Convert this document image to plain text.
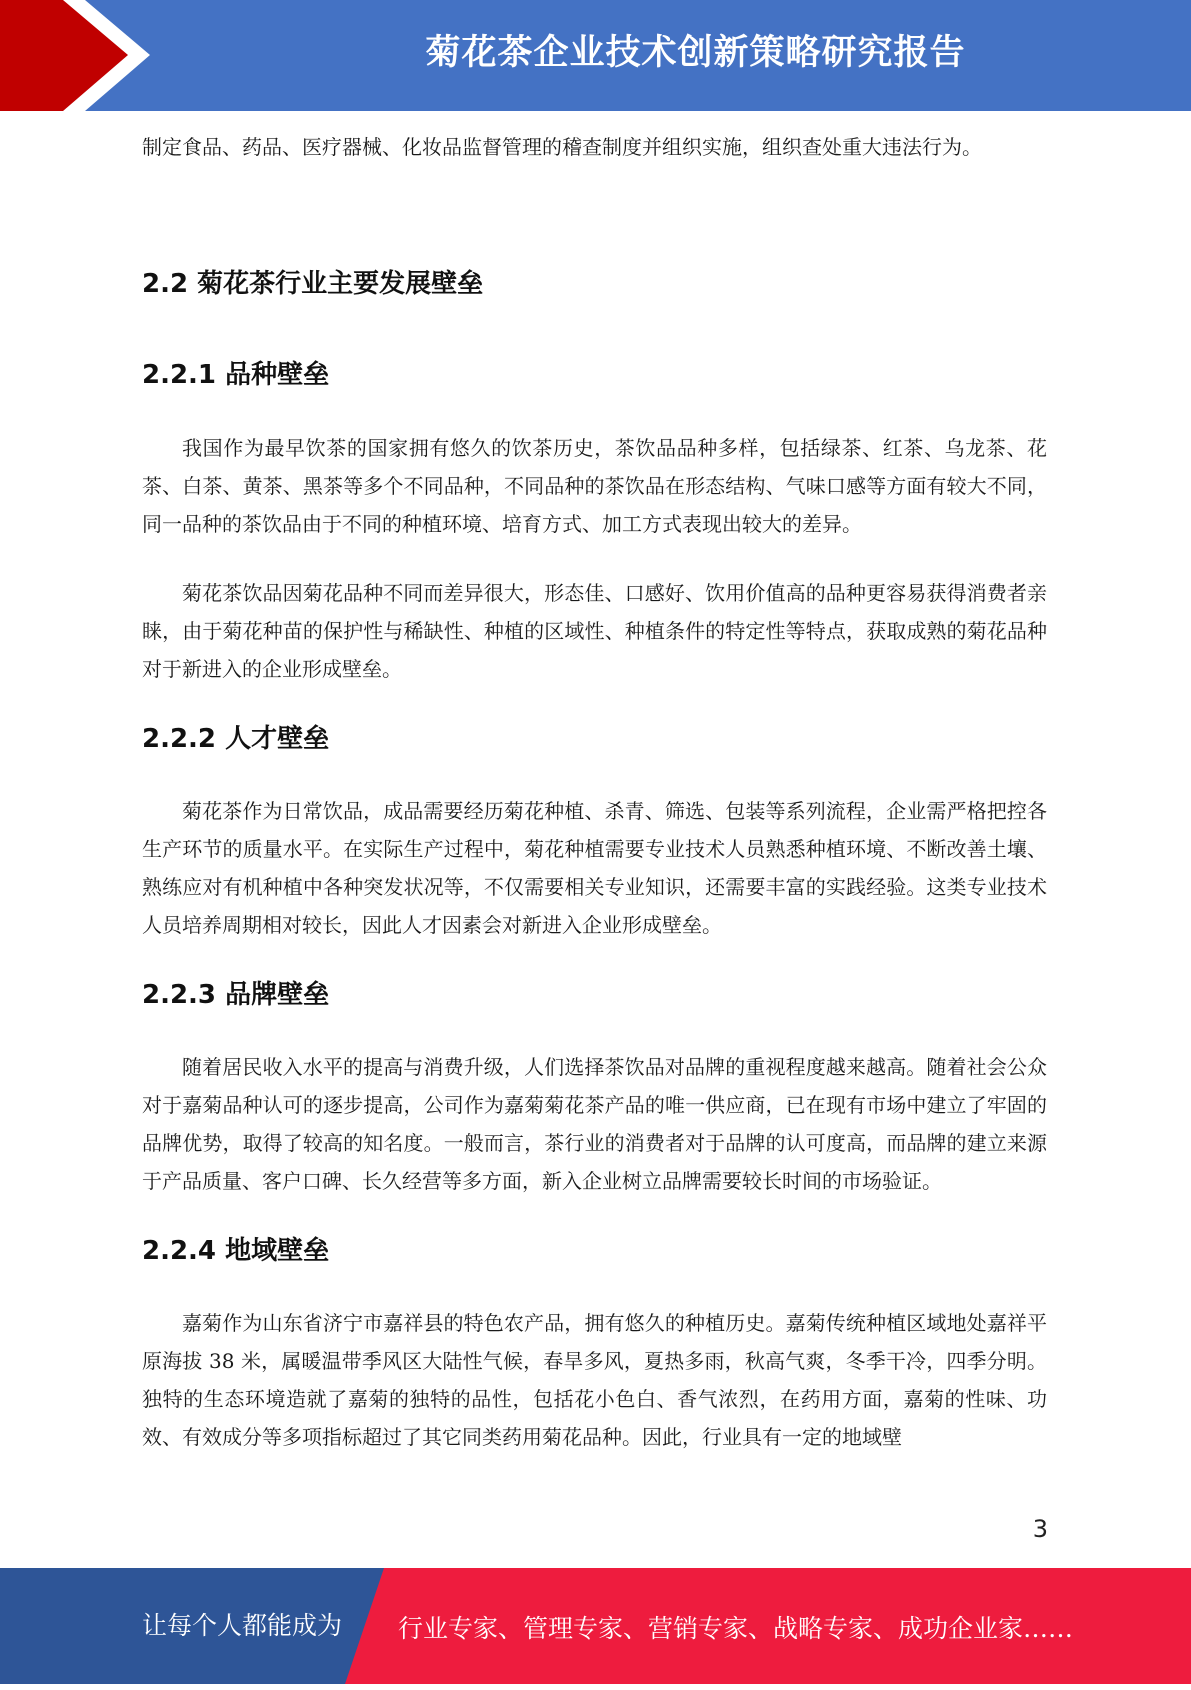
菊花茶企业技术创新策略研究报告

制定食品、药品、医疗器械、化妆品监督管理的稽查制度并组织实施，组织查处重大违法行为。

2.2 菊花茶行业主要发展壁垒
2.2.1 品种壁垒

我国作为最早饮茶的国家拥有悠久的饮茶历史，茶饮品品种多样，包括绿茶、红茶、乌龙茶、花茶、白茶、黄茶、黑茶等多个不同品种，不同品种的茶饮品在形态结构、气味口感等方面有较大不同，同一品种的茶饮品由于不同的种植环境、培育方式、加工方式表现出较大的差异。

菊花茶饮品因菊花品种不同而差异很大，形态佳、口感好、饮用价值高的品种更容易获得消费者亲睐，由于菊花种苗的保护性与稀缺性、种植的区域性、种植条件的特定性等特点，获取成熟的菊花品种对于新进入的企业形成壁垒。

2.2.2 人才壁垒

菊花茶作为日常饮品，成品需要经历菊花种植、杀青、筛选、包装等系列流程，企业需严格把控各生产环节的质量水平。在实际生产过程中，菊花种植需要专业技术人员熟悉种植环境、不断改善土壤、熟练应对有机种植中各种突发状况等，不仅需要相关专业知识，还需要丰富的实践经验。这类专业技术人员培养周期相对较长，因此人才因素会对新进入企业形成壁垒。

2.2.3 品牌壁垒

随着居民收入水平的提高与消费升级，人们选择茶饮品对品牌的重视程度越来越高。随着社会公众对于嘉菊品种认可的逐步提高，公司作为嘉菊菊花茶产品的唯一供应商，已在现有市场中建立了牢固的品牌优势，取得了较高的知名度。一般而言，茶行业的消费者对于品牌的认可度高，而品牌的建立来源于产品质量、客户口碑、长久经营等多方面，新入企业树立品牌需要较长时间的市场验证。

2.2.4 地域壁垒

嘉菊作为山东省济宁市嘉祥县的特色农产品，拥有悠久的种植历史。嘉菊传统种植区域地处嘉祥平原海拔 38 米，属暖温带季风区大陆性气候，春旱多风，夏热多雨，秋高气爽，冬季干冷，四季分明。独特的生态环境造就了嘉菊的独特的品性，包括花小色白、香气浓烈，在药用方面，嘉菊的性味、功效、有效成分等多项指标超过了其它同类药用菊花品种。因此，行业具有一定的地域壁

3
让每个人都能成为 行业专家、管理专家、营销专家、战略专家、成功企业家……
